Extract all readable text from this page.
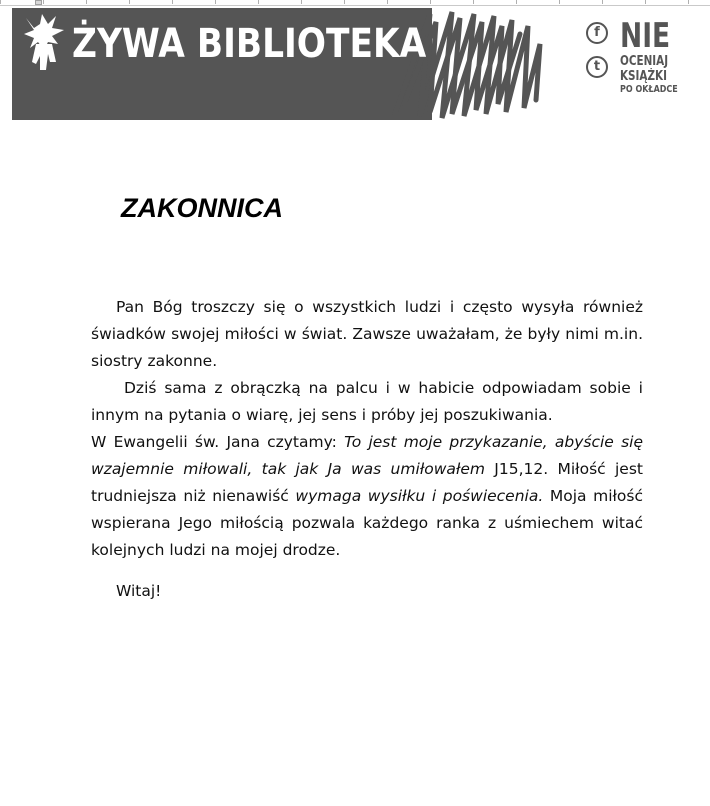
ŻYWA BIBLIOTEKA	f
t
NIE
OCENIAJ
KSIĄŻKI
PO OKŁADCE
ZAKONNICA

Pan Bóg troszczy się o wszystkich ludzi i często wysyła również świadków swojej miłości w świat. Zawsze uważałam, że były nimi m.in. siostry zakonne.

Dziś sama z obrączką na palcu i w habicie odpowiadam sobie i innym na pytania o wiarę, jej sens i próby jej poszukiwania.

W Ewangelii św. Jana czytamy: To jest moje przykazanie, abyście się wzajemnie miłowali, tak jak Ja was umiłowałem J15,12. Miłość jest trudniejsza niż nienawiść wymaga wysiłku i poświecenia. Moja miłość wspierana Jego miłością pozwala każdego ranka z uśmiechem witać kolejnych ludzi na mojej drodze.

Witaj!
